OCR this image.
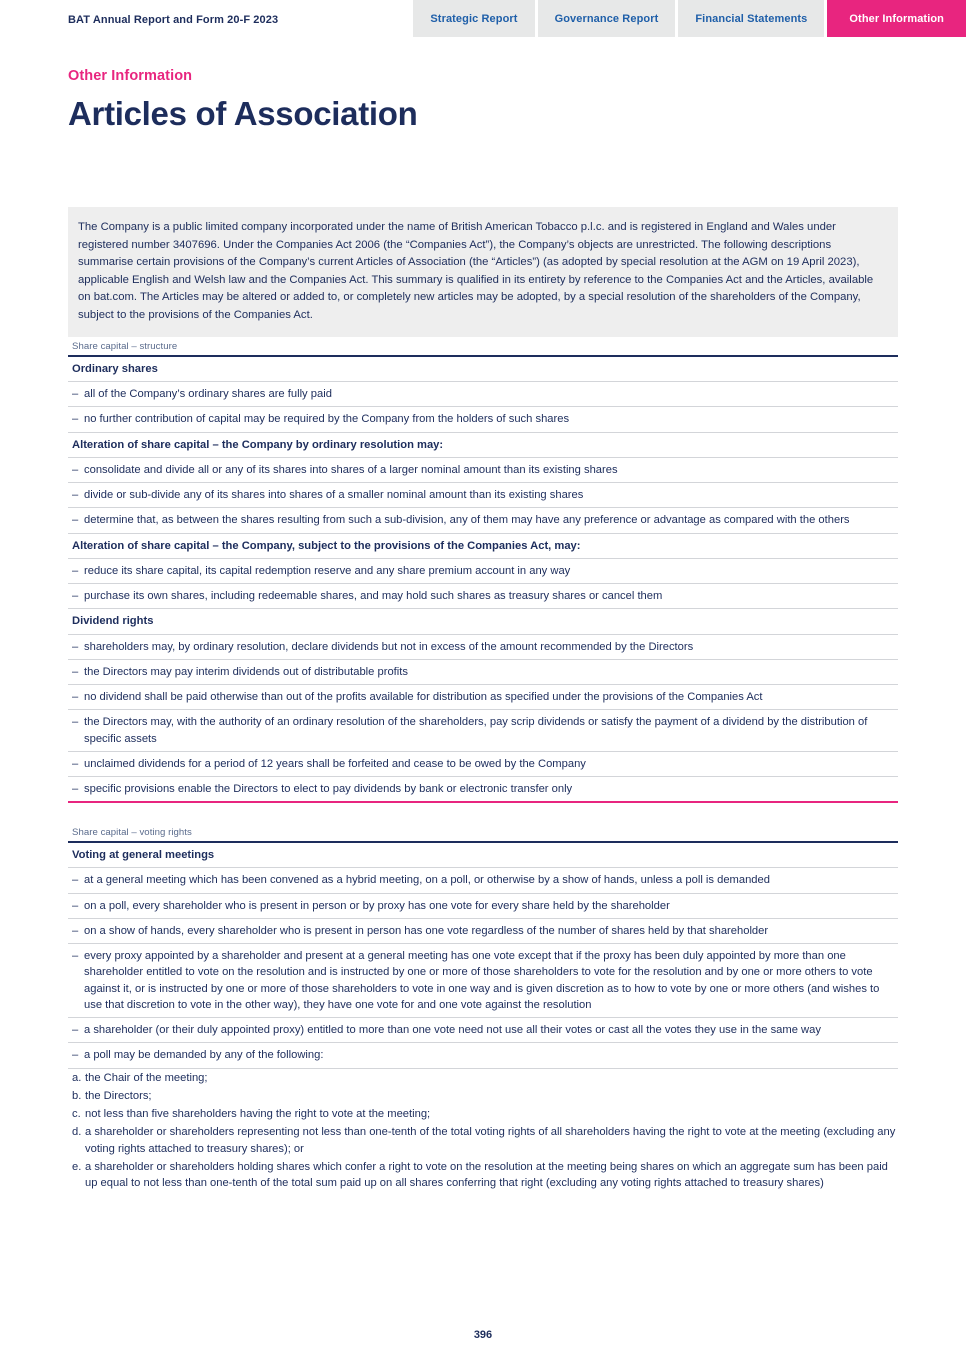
BAT Annual Report and Form 20-F 2023	Strategic Report	Governance Report	Financial Statements	Other Information
Other Information
Articles of Association

The Company is a public limited company incorporated under the name of British American Tobacco p.l.c. and is registered in England and Wales under registered number 3407696. Under the Companies Act 2006 (the “Companies Act”), the Company’s objects are unrestricted. The following descriptions summarise certain provisions of the Company’s current Articles of Association (the “Articles”) (as adopted by special resolution at the AGM on 19 April 2023), applicable English and Welsh law and the Companies Act. This summary is qualified in its entirety by reference to the Companies Act and the Articles, available on bat.com. The Articles may be altered or added to, or completely new articles may be adopted, by a special resolution of the shareholders of the Company, subject to the provisions of the Companies Act.

Share capital – structure
Ordinary shares
– all of the Company’s ordinary shares are fully paid
– no further contribution of capital may be required by the Company from the holders of such shares
Alteration of share capital – the Company by ordinary resolution may:
– consolidate and divide all or any of its shares into shares of a larger nominal amount than its existing shares
– divide or sub-divide any of its shares into shares of a smaller nominal amount than its existing shares
– determine that, as between the shares resulting from such a sub-division, any of them may have any preference or advantage as compared with the others
Alteration of share capital – the Company, subject to the provisions of the Companies Act, may:
– reduce its share capital, its capital redemption reserve and any share premium account in any way
– purchase its own shares, including redeemable shares, and may hold such shares as treasury shares or cancel them
Dividend rights
– shareholders may, by ordinary resolution, declare dividends but not in excess of the amount recommended by the Directors
– the Directors may pay interim dividends out of distributable profits
– no dividend shall be paid otherwise than out of the profits available for distribution as specified under the provisions of the Companies Act
– the Directors may, with the authority of an ordinary resolution of the shareholders, pay scrip dividends or satisfy the payment of a dividend by the distribution of specific assets
– unclaimed dividends for a period of 12 years shall be forfeited and cease to be owed by the Company
– specific provisions enable the Directors to elect to pay dividends by bank or electronic transfer only
Share capital – voting rights
Voting at general meetings
– at a general meeting which has been convened as a hybrid meeting, on a poll, or otherwise by a show of hands, unless a poll is demanded
– on a poll, every shareholder who is present in person or by proxy has one vote for every share held by the shareholder
– on a show of hands, every shareholder who is present in person has one vote regardless of the number of shares held by that shareholder
– every proxy appointed by a shareholder and present at a general meeting has one vote except that if the proxy has been duly appointed by more than one shareholder entitled to vote on the resolution and is instructed by one or more of those shareholders to vote for the resolution and by one or more others to vote against it, or is instructed by one or more of those shareholders to vote in one way and is given discretion as to how to vote by one or more others (and wishes to use that discretion to vote in the other way), they have one vote for and one vote against the resolution
– a shareholder (or their duly appointed proxy) entitled to more than one vote need not use all their votes or cast all the votes they use in the same way
– a poll may be demanded by any of the following:
a. the Chair of the meeting;
b. the Directors;
c. not less than five shareholders having the right to vote at the meeting;
d. a shareholder or shareholders representing not less than one-tenth of the total voting rights of all shareholders having the right to vote at the meeting (excluding any voting rights attached to treasury shares); or
e. a shareholder or shareholders holding shares which confer a right to vote on the resolution at the meeting being shares on which an aggregate sum has been paid up equal to not less than one-tenth of the total sum paid up on all shares conferring that right (excluding any voting rights attached to treasury shares)
396
